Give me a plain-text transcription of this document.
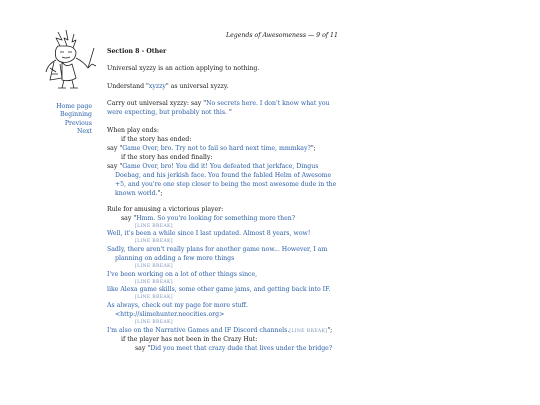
Legends of Awesomeness — 9 of 11
Home page
Beginning
Previous
Next

Section 8 - Other

Universal xyzzy is an action applying to nothing.

Understand "xyzzy" as universal xyzzy.

Carry out universal xyzzy: say "No secrets here. I don't know what you were expecting, but probably not this. "

When play ends:
if the story has ended:
say "Game Over, bro. Try not to fail so hard next time, mmmkay?";
if the story has ended finally:
say "Game Over, bro! You did it! You defeated that jerkface, Dingus Doebag, and his jerkish face. You found the fabled Helm of Awesome +5, and you're one step closer to being the most awesome dude in the known world.";

Rule for amusing a victorious player:
say "Hmm. So you're looking for something more then?
[LINE BREAK]
Well, it's been a while since I last updated. Almost 8 years, wow!
[LINE BREAK]
Sadly, there aren't really plans for another game now... However, I am planning on adding a few more things
[LINE BREAK]
I've been working on a lot of other things since,
[LINE BREAK]
like Alexa game skills, some other game jams, and getting back into IF.
[LINE BREAK]
As always, check out my page for more stuff. <http://slimehunter.neocities.org>
[LINE BREAK]
I'm also on the Narrative Games and IF Discord channels.[LINE BREAK]";
if the player has not been in the Crazy Hut:
say "Did you meet that crazy dude that lives under the bridge?
